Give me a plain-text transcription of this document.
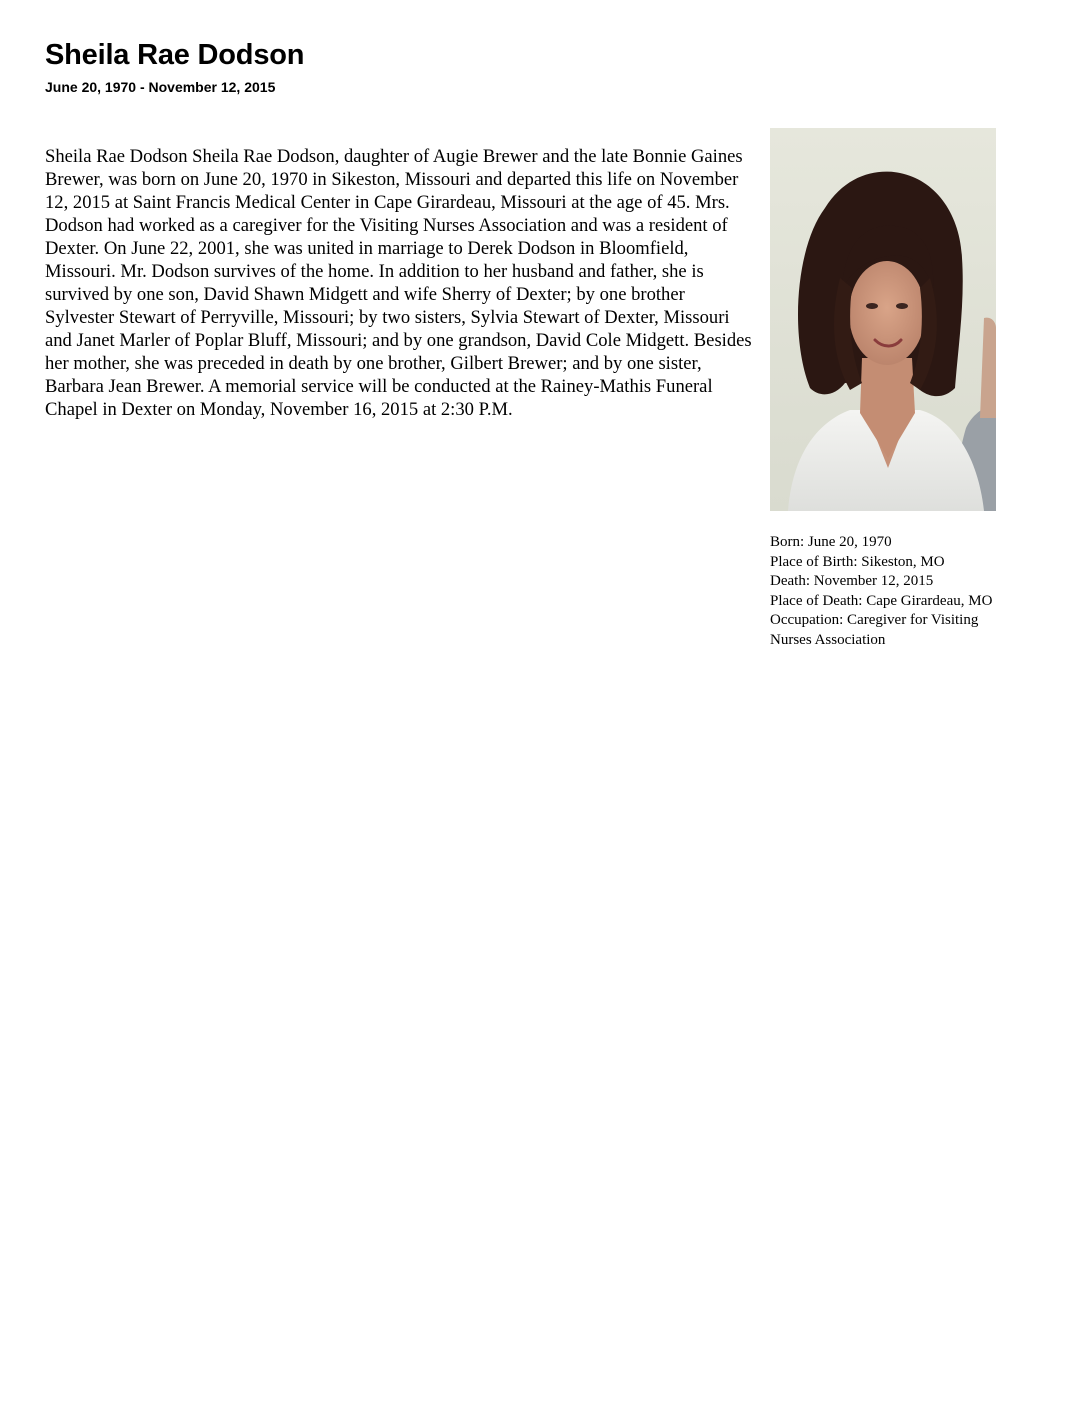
Sheila Rae Dodson

June 20, 1970 - November 12, 2015

Sheila Rae Dodson Sheila Rae Dodson, daughter of Augie Brewer and the late Bonnie Gaines Brewer, was born on June 20, 1970 in Sikeston, Missouri and departed this life on November 12, 2015 at Saint Francis Medical Center in Cape Girardeau, Missouri at the age of 45. Mrs. Dodson had worked as a caregiver for the Visiting Nurses Association and was a resident of Dexter. On June 22, 2001, she was united in marriage to Derek Dodson in Bloomfield, Missouri. Mr. Dodson survives of the home. In addition to her husband and father, she is survived by one son, David Shawn Midgett and wife Sherry of Dexter; by one brother Sylvester Stewart of Perryville, Missouri; by two sisters, Sylvia Stewart of Dexter, Missouri and Janet Marler of Poplar Bluff, Missouri; and by one grandson, David Cole Midgett. Besides her mother, she was preceded in death by one brother, Gilbert Brewer; and by one sister, Barbara Jean Brewer. A memorial service will be conducted at the Rainey-Mathis Funeral Chapel in Dexter on Monday, November 16, 2015 at 2:30 P.M.

Born: June 20, 1970
Place of Birth: Sikeston, MO
Death: November 12, 2015
Place of Death: Cape Girardeau, MO
Occupation: Caregiver for Visiting Nurses Association
